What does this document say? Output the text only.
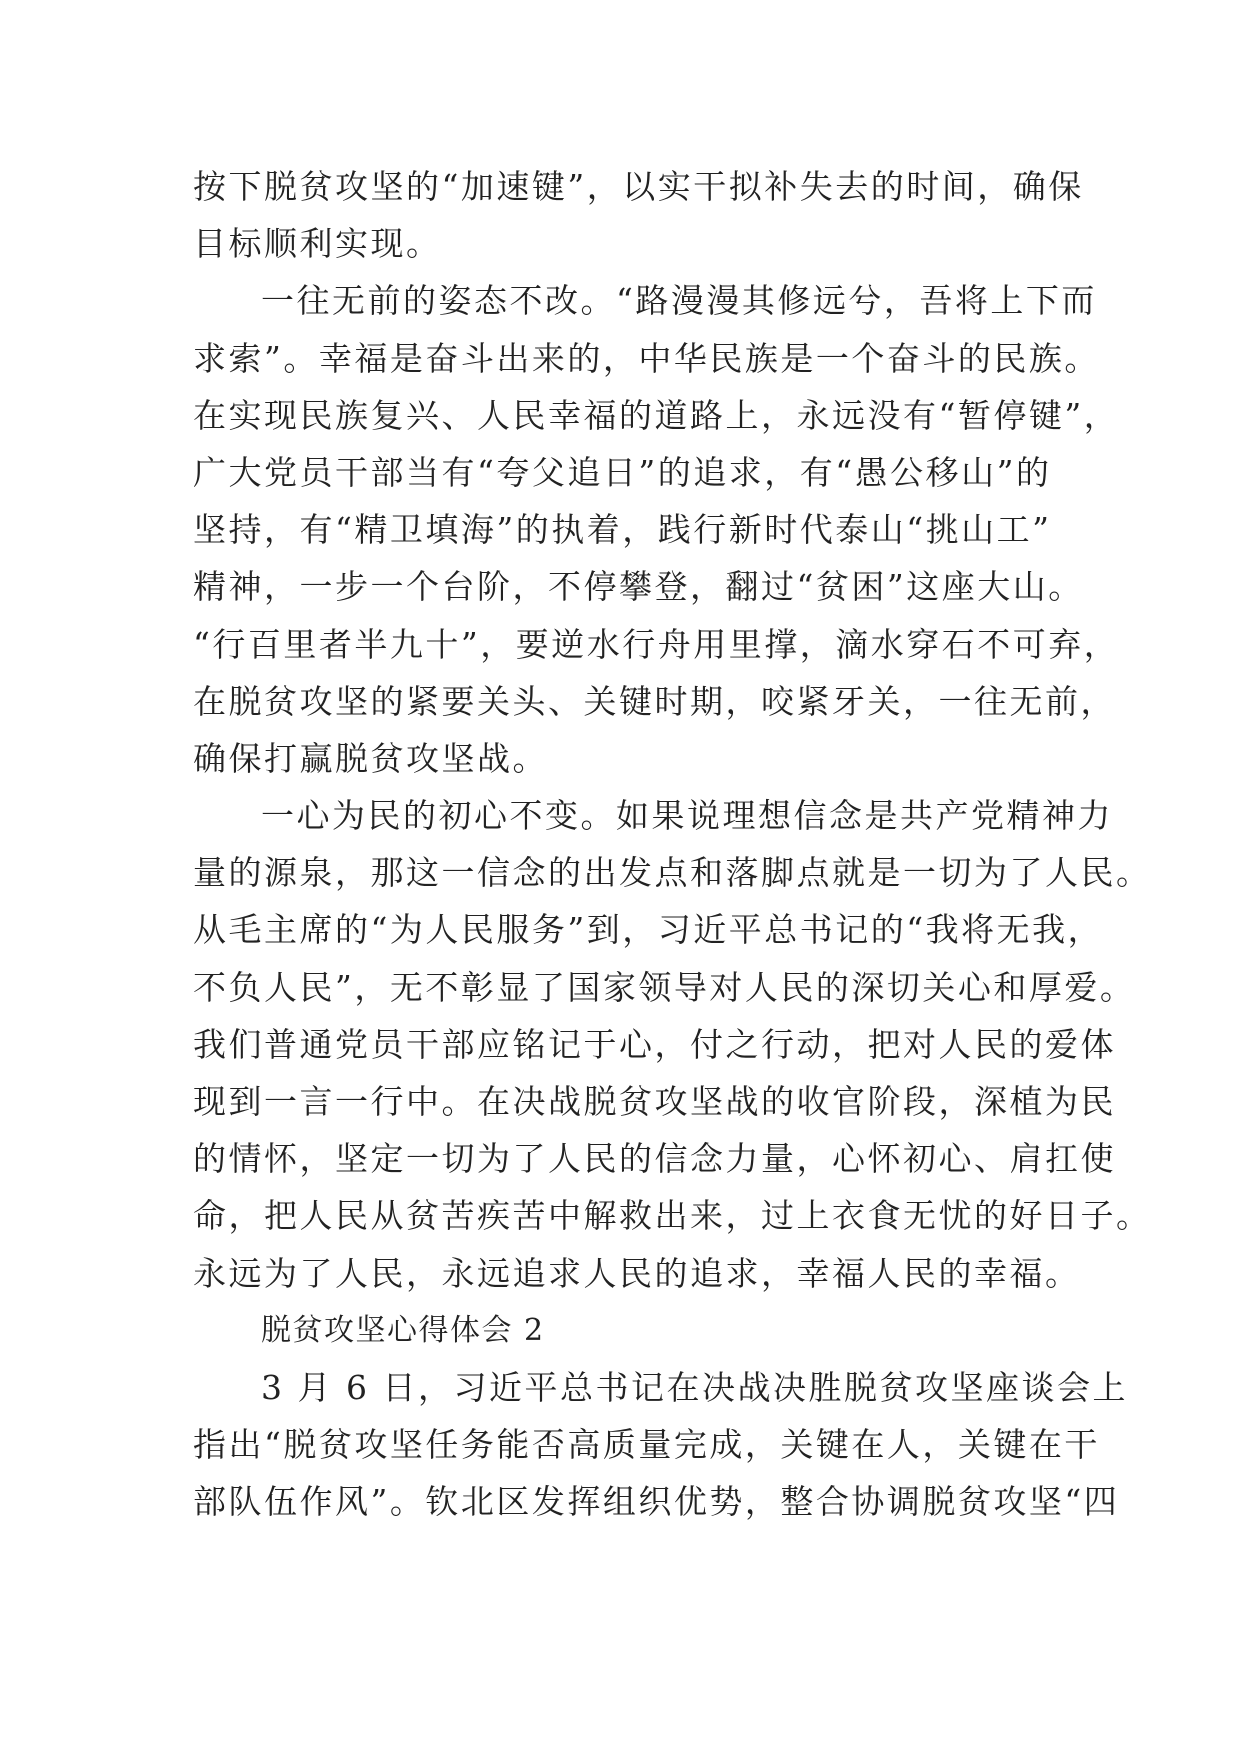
按下脱贫攻坚的“加速键”，以实干拟补失去的时间，确保
目标顺利实现。
一往无前的姿态不改。“路漫漫其修远兮，吾将上下而
求索”。幸福是奋斗出来的，中华民族是一个奋斗的民族。
在实现民族复兴、人民幸福的道路上，永远没有“暂停键”，
广大党员干部当有“夸父追日”的追求，有“愚公移山”的
坚持，有“精卫填海”的执着，践行新时代泰山“挑山工”
精神，一步一个台阶，不停攀登，翻过“贫困”这座大山。
“行百里者半九十”，要逆水行舟用里撑，滴水穿石不可弃，
在脱贫攻坚的紧要关头、关键时期，咬紧牙关，一往无前，
确保打赢脱贫攻坚战。
一心为民的初心不变。如果说理想信念是共产党精神力
量的源泉，那这一信念的出发点和落脚点就是一切为了人民。
从毛主席的“为人民服务”到，习近平总书记的“我将无我，
不负人民”，无不彰显了国家领导对人民的深切关心和厚爱。
我们普通党员干部应铭记于心，付之行动，把对人民的爱体
现到一言一行中。在决战脱贫攻坚战的收官阶段，深植为民
的情怀，坚定一切为了人民的信念力量，心怀初心、肩扛使
命，把人民从贫苦疾苦中解救出来，过上衣食无忧的好日子。
永远为了人民，永远追求人民的追求，幸福人民的幸福。
脱贫攻坚心得体会 2
3 月 6 日，习近平总书记在决战决胜脱贫攻坚座谈会上
指出“脱贫攻坚任务能否高质量完成，关键在人，关键在干
部队伍作风”。钦北区发挥组织优势，整合协调脱贫攻坚“四
